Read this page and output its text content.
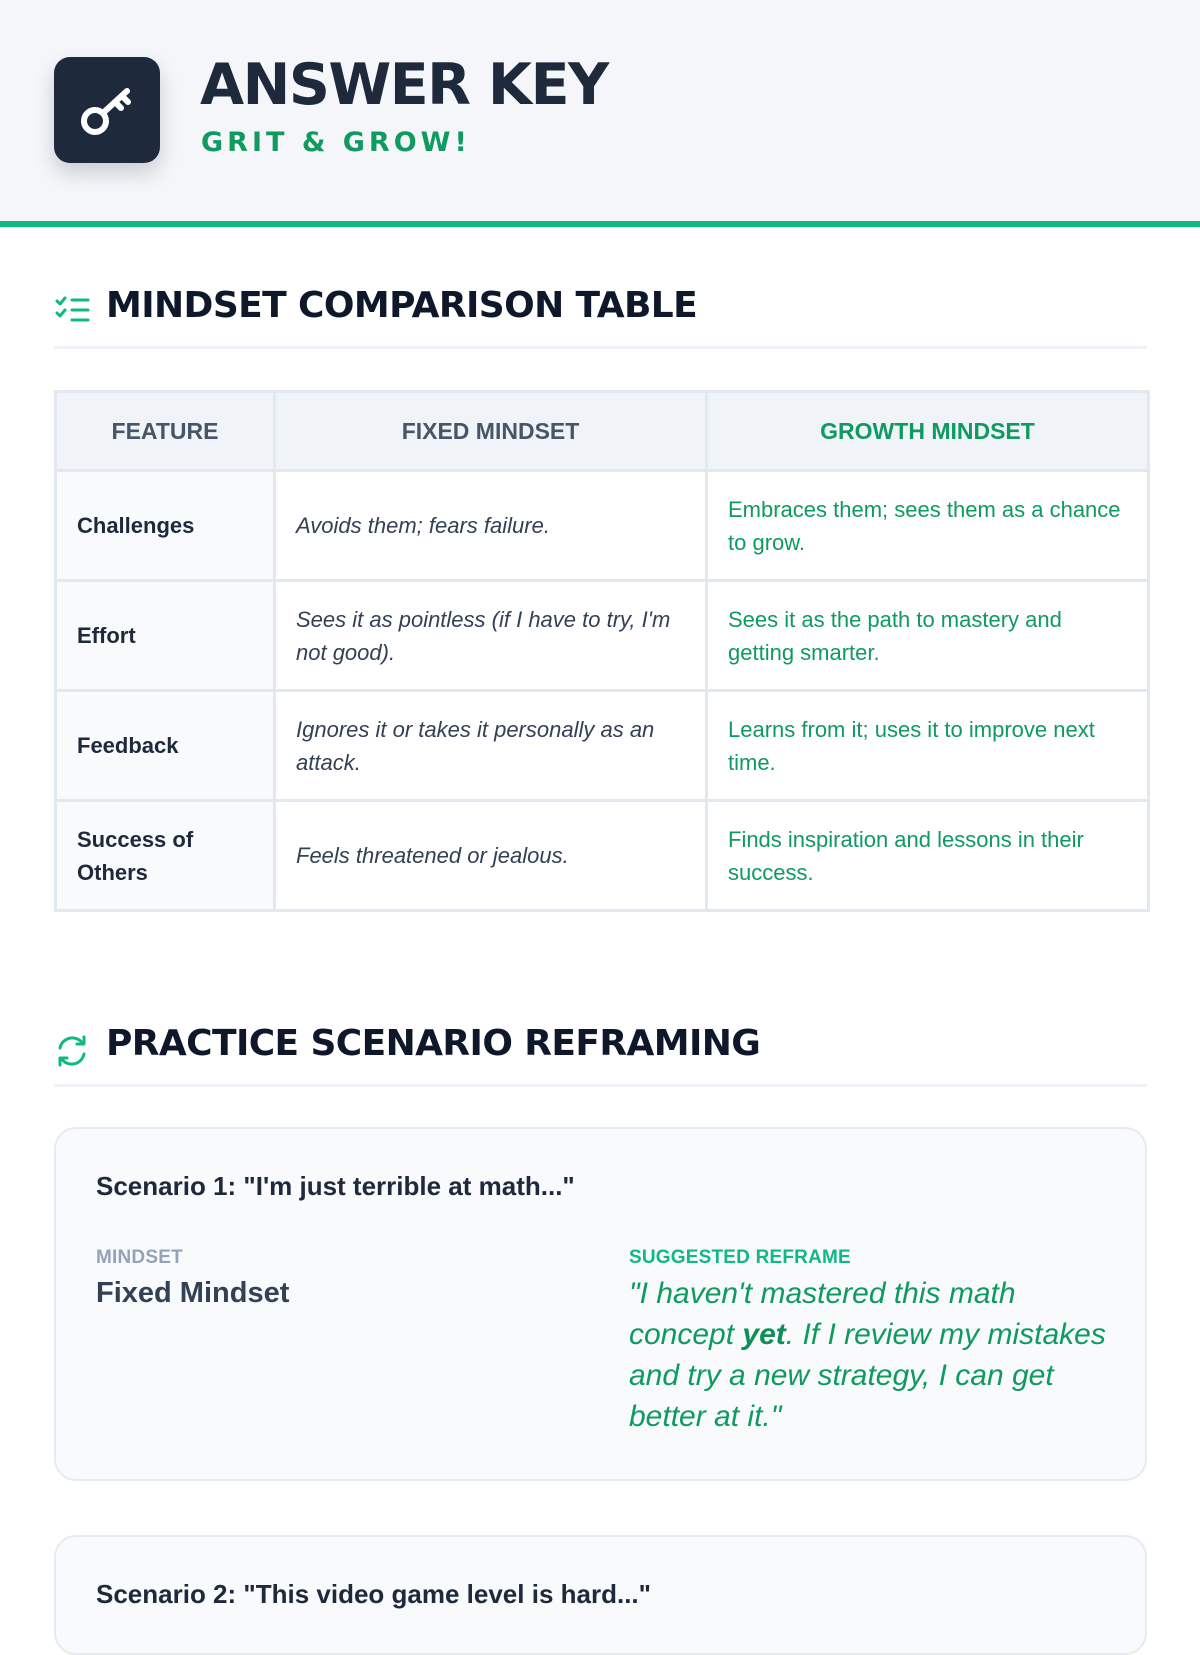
ANSWER KEY
GRIT & GROW!
MINDSET COMPARISON TABLE
FEATURE	FIXED MINDSET	GROWTH MINDSET
Challenges	Avoids them; fears failure.	Embraces them; sees them as a chance to grow.
Effort	Sees it as pointless (if I have to try, I'm not good).	Sees it as the path to mastery and getting smarter.
Feedback	Ignores it or takes it personally as an attack.	Learns from it; uses it to improve next time.
Success of Others	Feels threatened or jealous.	Finds inspiration and lessons in their success.
PRACTICE SCENARIO REFRAMING
Scenario 1: "I'm just terrible at math..."
MINDSET
Fixed Mindset
SUGGESTED REFRAME
"I haven't mastered this math concept yet. If I review my mistakes and try a new strategy, I can get better at it."
Scenario 2: "This video game level is hard..."
